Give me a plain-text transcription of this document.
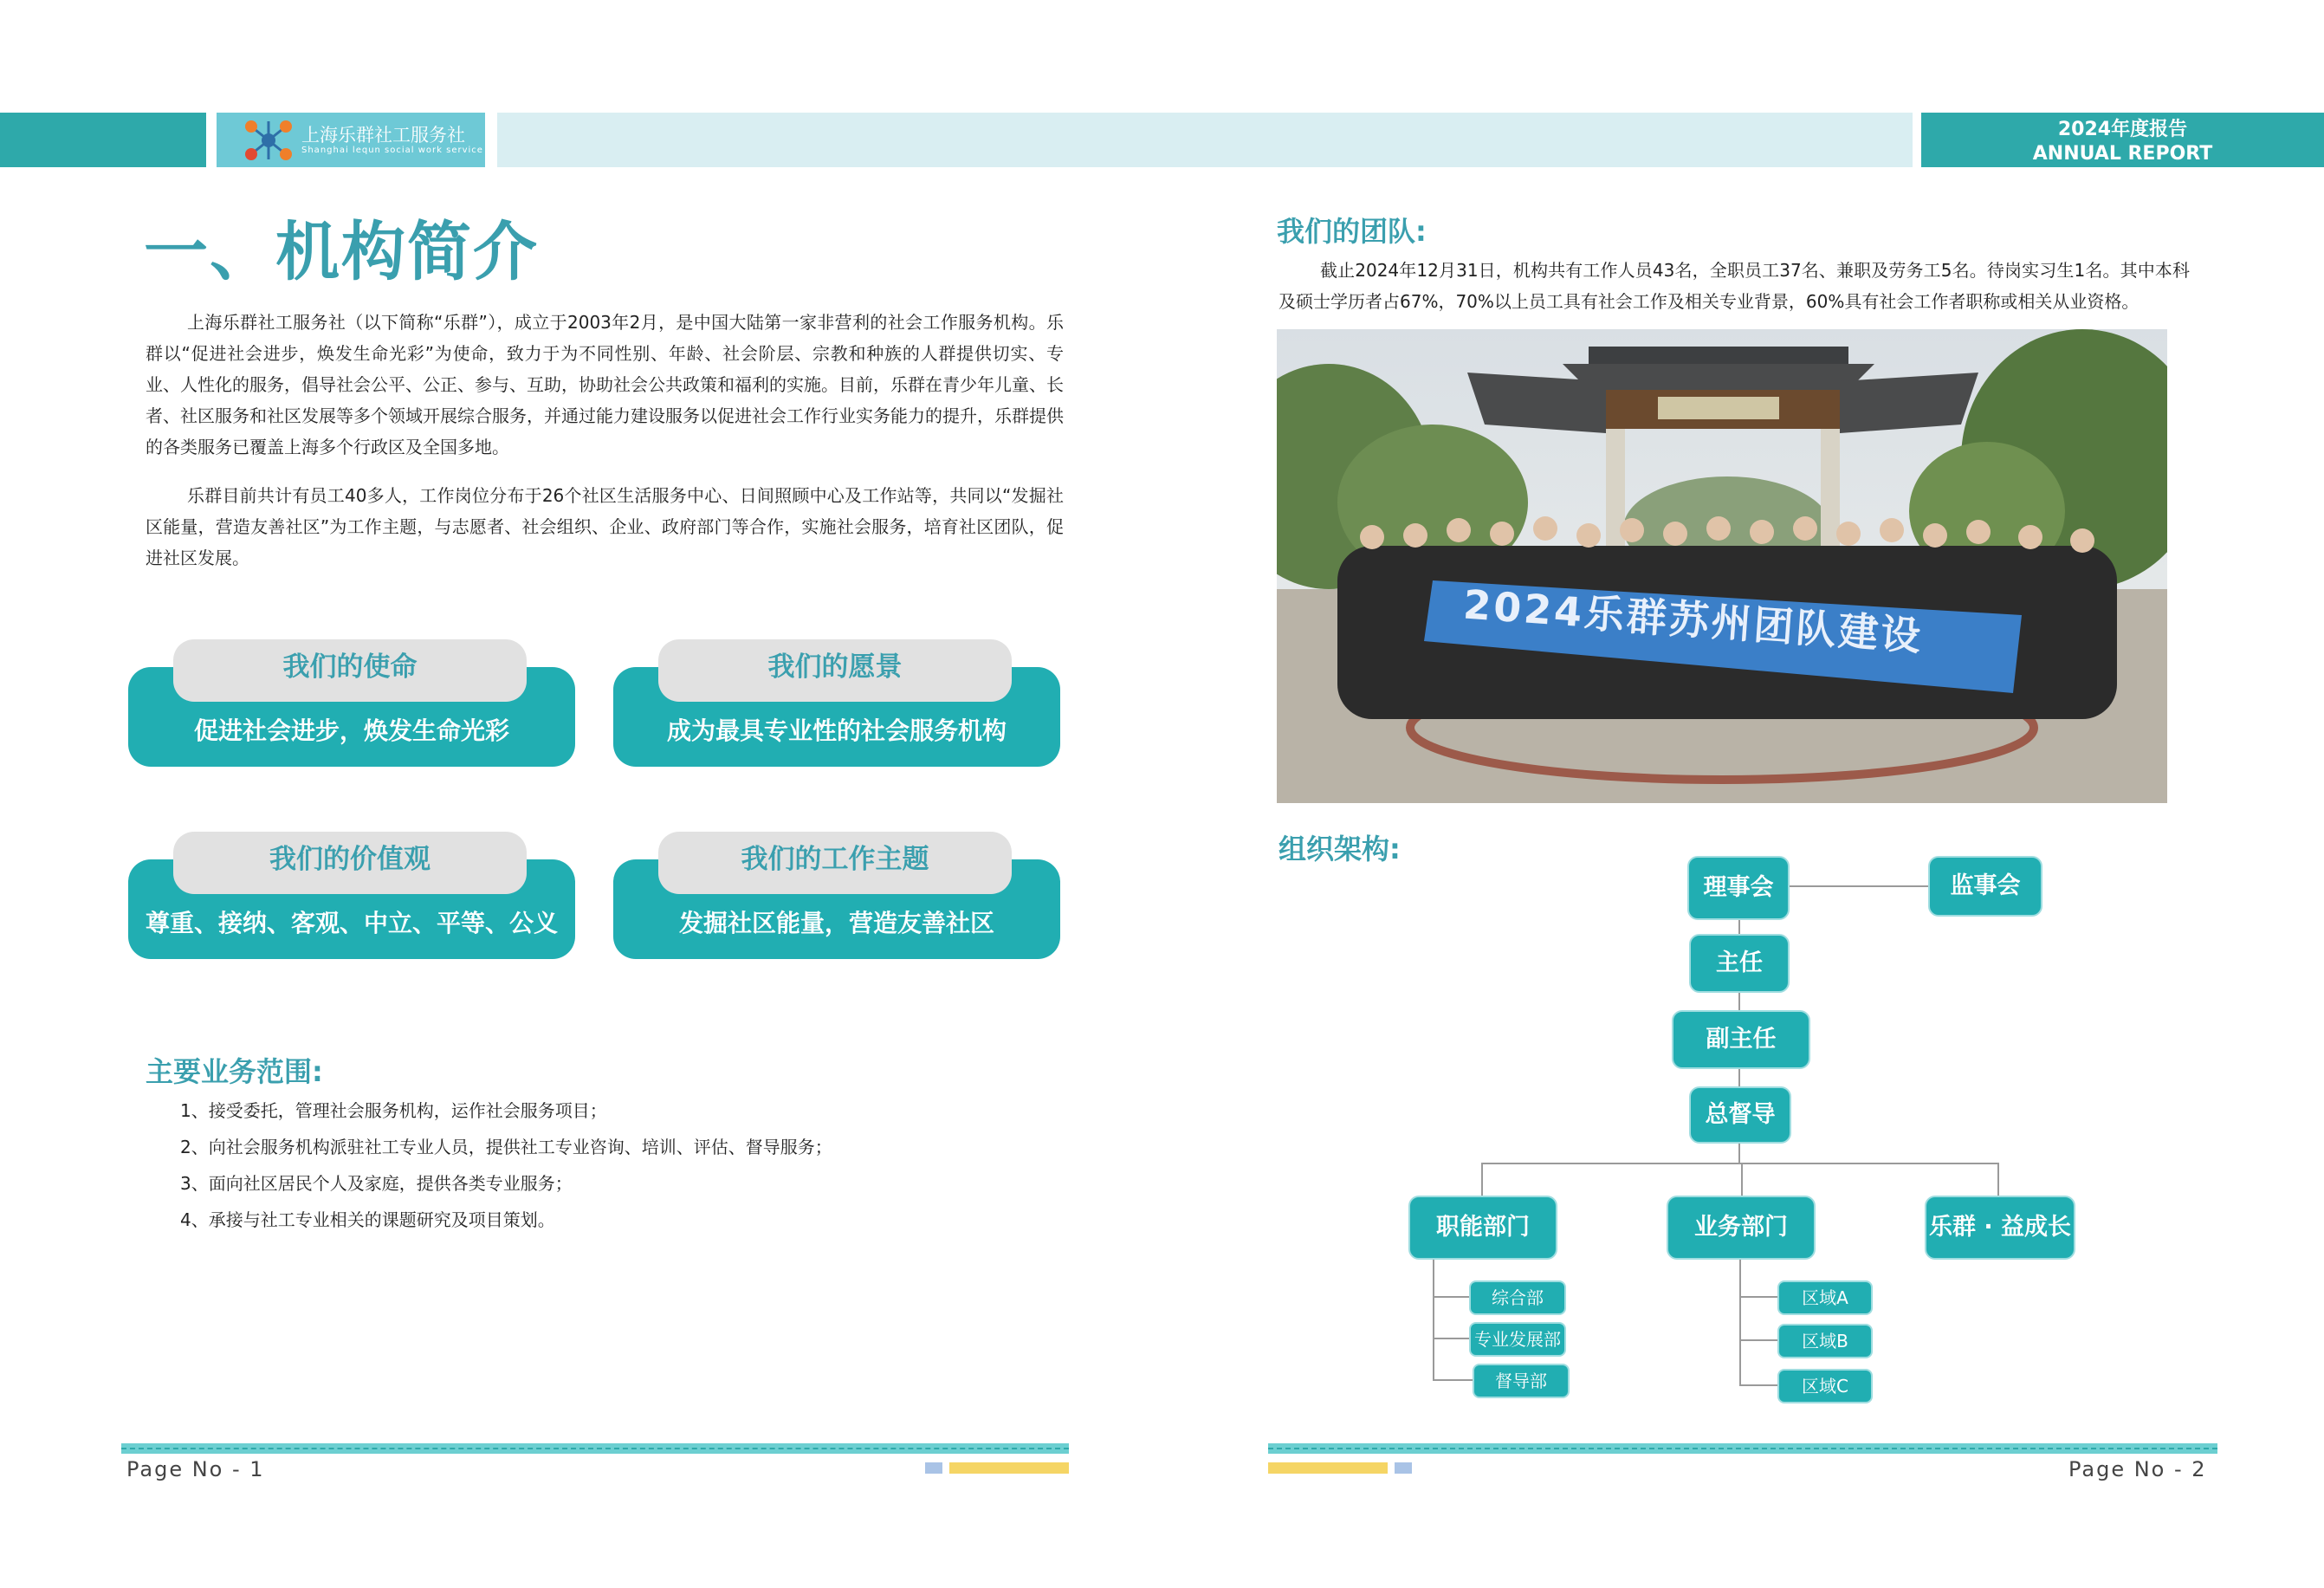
上海乐群社工服务社
Shanghai lequn social work service
2024年度报告
ANNUAL REPORT
一、机构简介
上海乐群社工服务社（以下简称“乐群”），成立于2003年2月，是中国大陆第一家非营利的社会工作服务机构。乐群以“促进社会进步，焕发生命光彩”为使命，致力于为不同性别、年龄、社会阶层、宗教和种族的人群提供切实、专业、人性化的服务，倡导社会公平、公正、参与、互助，协助社会公共政策和福利的实施。目前，乐群在青少年儿童、长者、社区服务和社区发展等多个领域开展综合服务，并通过能力建设服务以促进社会工作行业实务能力的提升，乐群提供的各类服务已覆盖上海多个行政区及全国多地。
乐群目前共计有员工40多人，工作岗位分布于26个社区生活服务中心、日间照顾中心及工作站等，共同以“发掘社区能量，营造友善社区”为工作主题，与志愿者、社会组织、企业、政府部门等合作，实施社会服务，培育社区团队，促进社区发展。
促进社会进步，焕发生命光彩
我们的使命
成为最具专业性的社会服务机构
我们的愿景
尊重、接纳、客观、中立、平等、公义
我们的价值观
发掘社区能量，营造友善社区
我们的工作主题
主要业务范围:
1、接受委托，管理社会服务机构，运作社会服务项目；
2、向社会服务机构派驻社工专业人员，提供社工专业咨询、培训、评估、督导服务；
3、面向社区居民个人及家庭，提供各类专业服务；
4、承接与社工专业相关的课题研究及项目策划。
Page No - 1
我们的团队:
截止2024年12月31日，机构共有工作人员43名，全职员工37名、兼职及劳务工5名。待岗实习生1名。其中本科及硕士学历者占67%，70%以上员工具有社会工作及相关专业背景，60%具有社会工作者职称或相关从业资格。
2024乐群苏州团队建设
组织架构:
理事会	监事会
主任
副主任
总督导
职能部门	业务部门	乐群 · 益成长
综合部
专业发展部
督导部
区域A
区域B
区域C
Page No - 2
